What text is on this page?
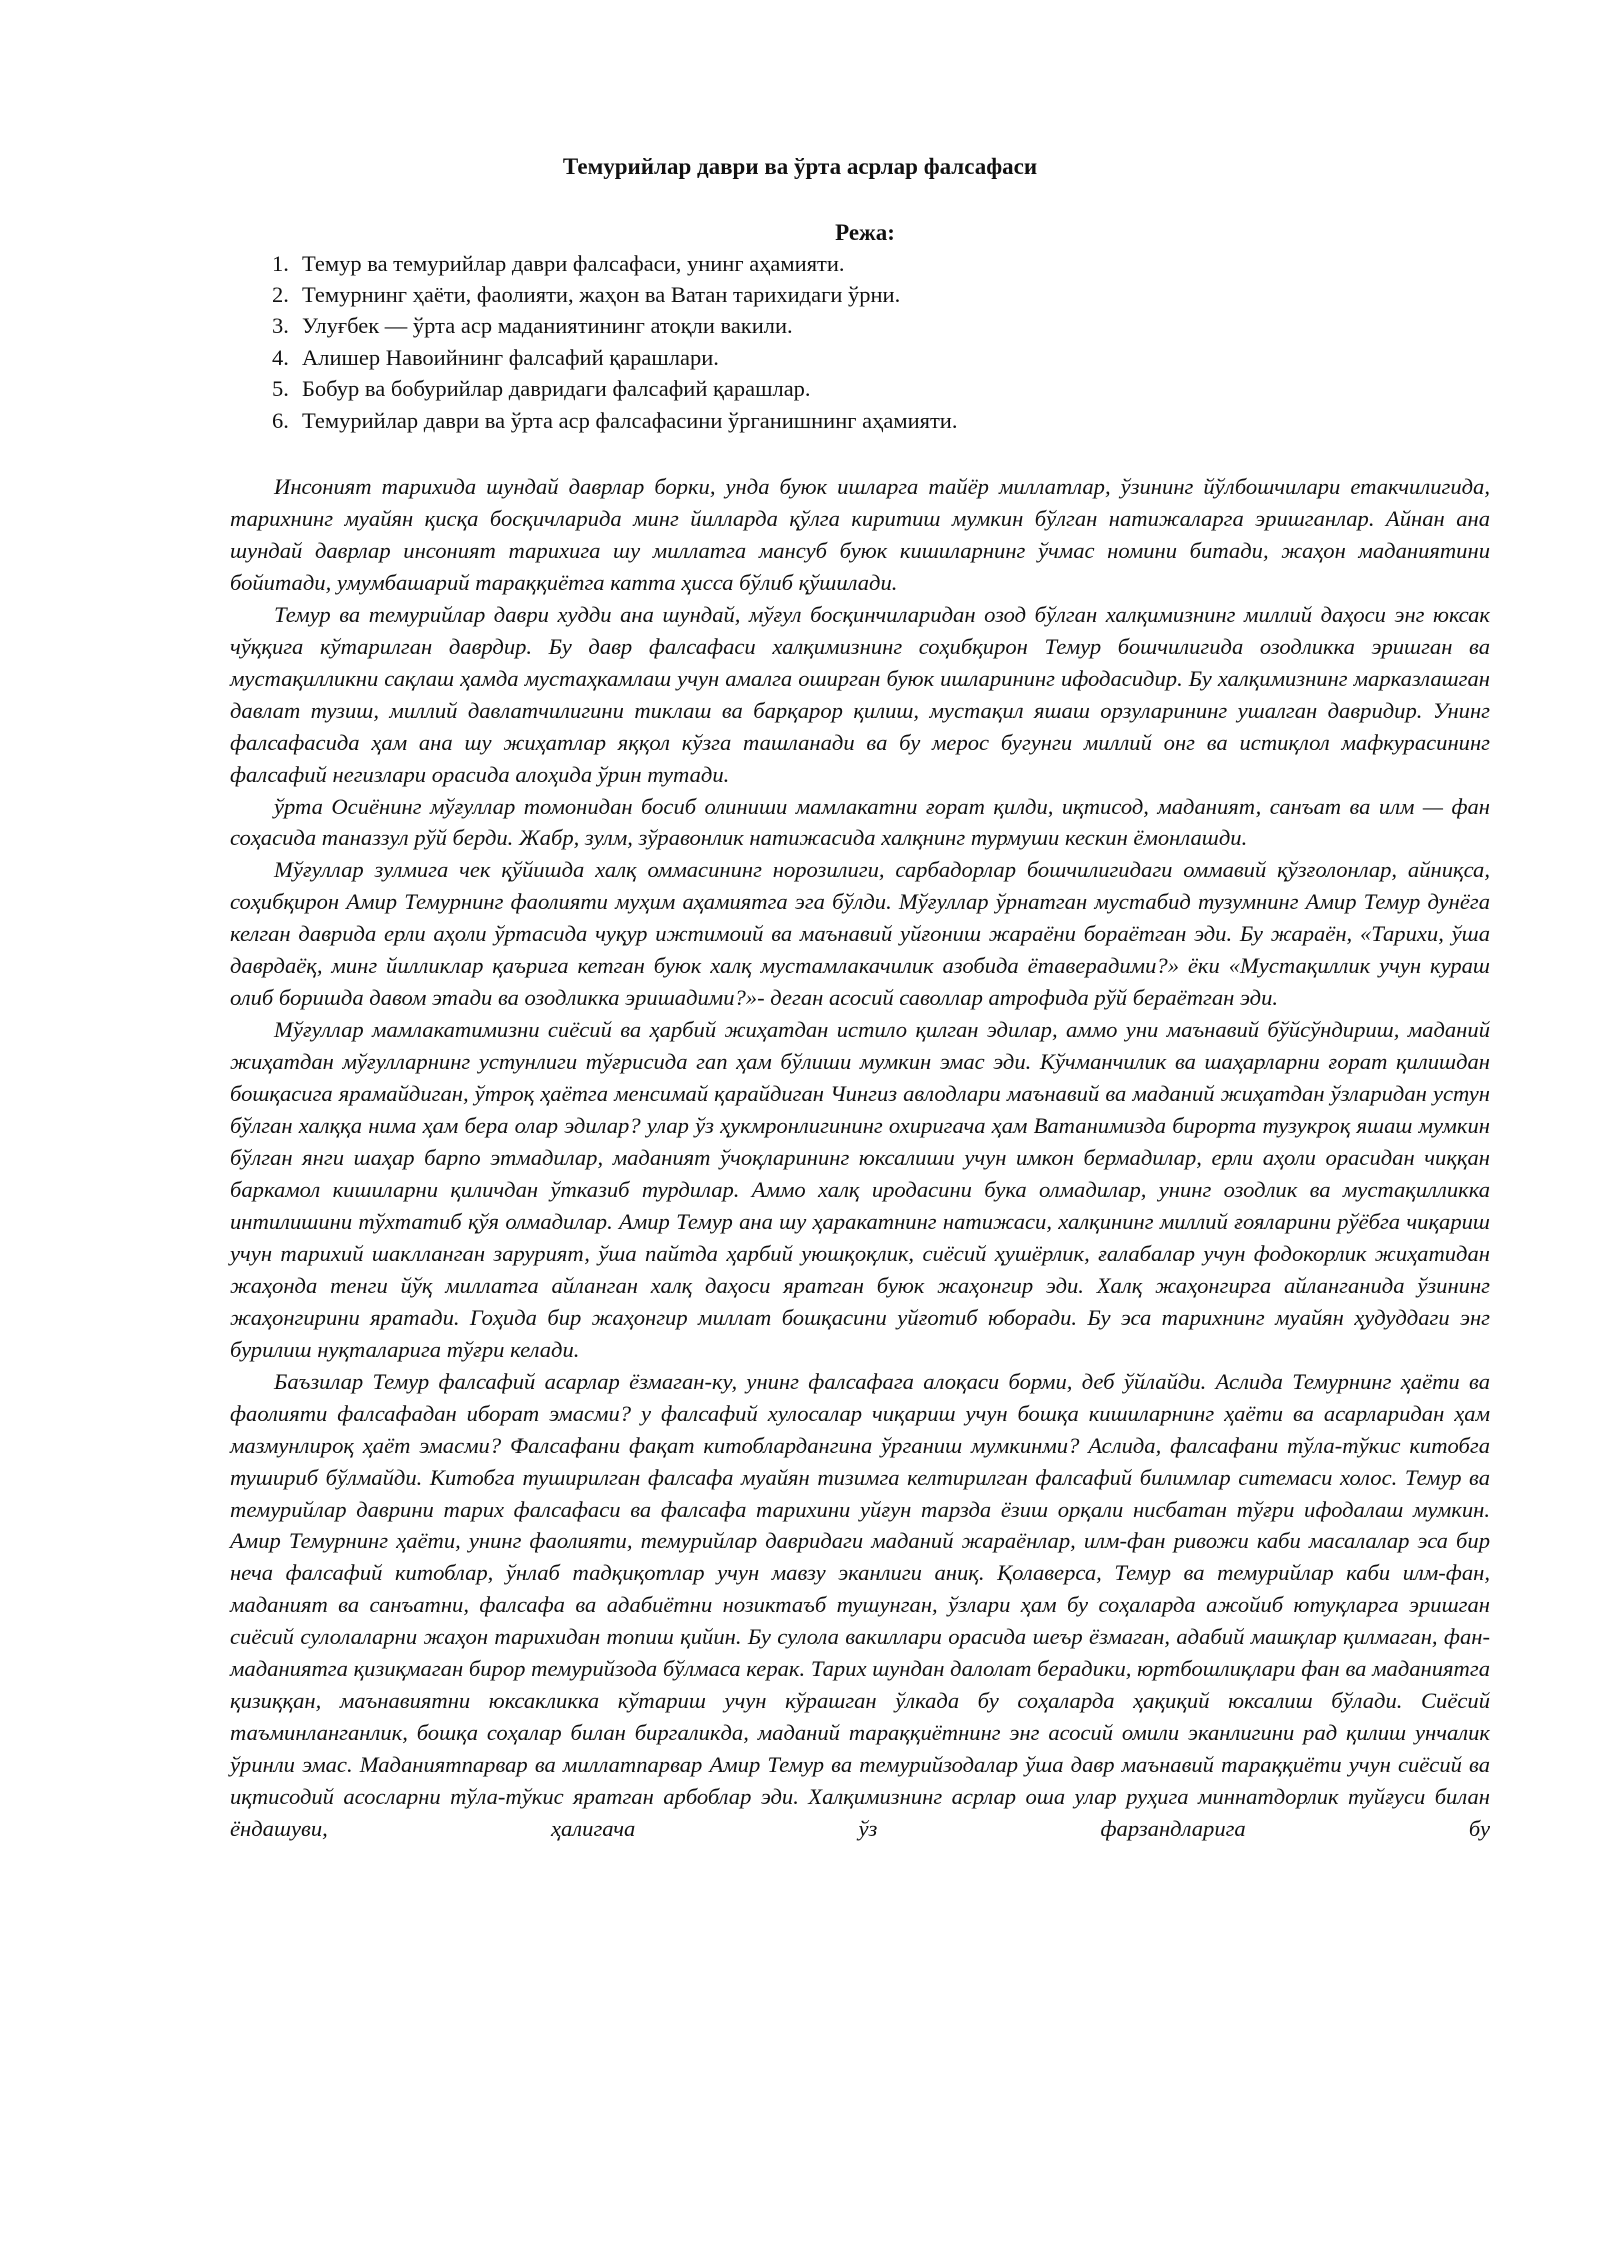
Темурийлар даври ва ўрта асрлар фалсафаси
Режа:
1. Темур ва темурийлар даври фалсафаси, унинг аҳамияти.
2. Темурнинг ҳаёти, фаолияти, жаҳон ва Ватан тарихидаги ўрни.
3. Улуғбек — ўрта аср маданиятининг атоқли вакили.
4. Алишер Навоийнинг фалсафий қарашлари.
5. Бобур ва бобурийлар давридаги фалсафий қарашлар.
6. Темурийлар даври ва ўрта аср фалсафасини ўрганишнинг аҳамияти.

Инсоният тарихида шундай даврлар борки, унда буюк ишларга тайёр миллатлар, ўзининг йўлбошчилари етакчилигида, тарихнинг муайян қисқа босқичларида минг йилларда қўлга киритиш мумкин бўлган натижаларга эришганлар. Айнан ана шундай даврлар инсоният тарихига шу миллатга мансуб буюк кишиларнинг ўчмас номини битади, жаҳон маданиятини бойитади, умумбашарий тараққиётга катта ҳисса бўлиб қўшилади.

Темур ва темурийлар даври худди ана шундай, мўғул босқинчиларидан озод бўлган халқимизнинг миллий даҳоси энг юксак чўққига кўтарилган даврдир. Бу давр фалсафаси халқимизнинг соҳибқирон Темур бошчилигида озодликка эришган ва мустақилликни сақлаш ҳамда мустаҳкамлаш учун амалга оширган буюк ишларининг ифодасидир. Бу халқимизнинг марказлашган давлат тузиш, миллий давлатчилигини тиклаш ва барқарор қилиш, мустақил яшаш орзуларининг ушалган давридир. Унинг фалсафасида ҳам ана шу жиҳатлар яққол кўзга ташланади ва бу мерос бугунги миллий онг ва истиқлол мафкурасининг фалсафий негизлари орасида алоҳида ўрин тутади.

ўрта Осиёнинг мўғуллар томонидан босиб олиниши мамлакатни ғорат қилди, иқтисод, маданият, санъат ва илм — фан соҳасида таназзул рўй берди. Жабр, зулм, зўравонлик натижасида халқнинг турмуши кескин ёмонлашди.

Мўғуллар зулмига чек қўйишда халқ оммасининг норозилиги, сарбадорлар бошчилигидаги оммавий қўзғолонлар, айниқса, соҳибқирон Амир Темурнинг фаолияти муҳим аҳамиятга эга бўлди. Мўғуллар ўрнатган мустабид тузумнинг Амир Темур дунёга келган даврида ерли аҳоли ўртасида чуқур ижтимоий ва маънавий уйғониш жараёни бораётган эди. Бу жараён, «Тарихи, ўша даврдаёқ, минг йилликлар қаърига кетган буюк халқ мустамлакачилик азобида ётаверадими?» ёки «Мустақиллик учун кураш олиб боришда давом этади ва озодликка эришадими?»- деган асосий саволлар атрофида рўй бераётган эди.

Мўғуллар мамлакатимизни сиёсий ва ҳарбий жиҳатдан истило қилган эдилар, аммо уни маънавий бўйсўндириш, маданий жиҳатдан мўғулларнинг устунлиги тўғрисида гап ҳам бўлиши мумкин эмас эди. Кўчманчилик ва шаҳарларни ғорат қилишдан бошқасига ярамайдиган, ўтроқ ҳаётга менсимай қарайдиган Чингиз авлодлари маънавий ва маданий жиҳатдан ўзларидан устун бўлган халққа нима ҳам бера олар эдилар? улар ўз ҳукмронлигининг охиригача ҳам Ватанимизда бирорта тузукроқ яшаш мумкин бўлган янги шаҳар барпо этмадилар, маданият ўчоқларининг юксалиши учун имкон бермадилар, ерли аҳоли орасидан чиққан баркамол кишиларни қиличдан ўтказиб турдилар. Аммо халқ иродасини бука олмадилар, унинг озодлик ва мустақилликка интилишини тўхтатиб қўя олмадилар. Амир Темур ана шу ҳаракатнинг натижаси, халқининг миллий ғояларини рўёбга чиқариш учун тарихий шаклланган зарурият, ўша пайтда ҳарбий уюшқоқлик, сиёсий ҳушёрлик, ғалабалар учун фодокорлик жиҳатидан жаҳонда тенги йўқ миллатга айланган халқ даҳоси яратган буюк жаҳонгир эди. Халқ жаҳонгирга айланганида ўзининг жаҳонгирини яратади. Гоҳида бир жаҳонгир миллат бошқасини уйғотиб юборади. Бу эса тарихнинг муайян ҳудуддаги энг бурилиш нуқталарига тўғри келади.

Баъзилар Темур фалсафий асарлар ёзмаган-ку, унинг фалсафага алоқаси борми, деб ўйлайди. Аслида Темурнинг ҳаёти ва фаолияти фалсафадан иборат эмасми? у фалсафий хулосалар чиқариш учун бошқа кишиларнинг ҳаёти ва асарларидан ҳам мазмунлироқ ҳаёт эмасми? Фалсафани фақат китоблардангина ўрганиш мумкинми? Аслида, фалсафани тўла-тўкис китобга тушириб бўлмайди. Китобга туширилган фалсафа муайян тизимга келтирилган фалсафий билимлар ситемаси холос. Темур ва темурийлар даврини тарих фалсафаси ва фалсафа тарихини уйғун тарзда ёзиш орқали нисбатан тўғри ифодалаш мумкин. Амир Темурнинг ҳаёти, унинг фаолияти, темурийлар давридаги маданий жараёнлар, илм-фан ривожи каби масалалар эса бир неча фалсафий китоблар, ўнлаб тадқиқотлар учун мавзу эканлиги аниқ. Қолаверса, Темур ва темурийлар каби илм-фан, маданият ва санъатни, фалсафа ва адабиётни нозиктаъб тушунган, ўзлари ҳам бу соҳаларда ажойиб ютуқларга эришган сиёсий сулолаларни жаҳон тарихидан топиш қийин. Бу сулола вакиллари орасида шеър ёзмаган, адабий машқлар қилмаган, фан-маданиятга қизиқмаган бирор темурийзода бўлмаса керак. Тарих шундан далолат берадики, юртбошлиқлари фан ва маданиятга қизиққан, маънавиятни юксакликка кўтариш учун кўрашган ўлкада бу соҳаларда ҳақиқий юксалиш бўлади. Сиёсий таъминланганлик, бошқа соҳалар билан биргаликда, маданий тараққиётнинг энг асосий омили эканлигини рад қилиш унчалик ўринли эмас. Маданиятпарвар ва миллатпарвар Амир Темур ва темурийзодалар ўша давр маънавий тараққиёти учун сиёсий ва иқтисодий асосларни тўла-тўкис яратган арбоблар эди. Халқимизнинг асрлар оша улар руҳига миннатдорлик туйғуси билан ёндашуви, ҳалигача ўз фарзандларига бу
